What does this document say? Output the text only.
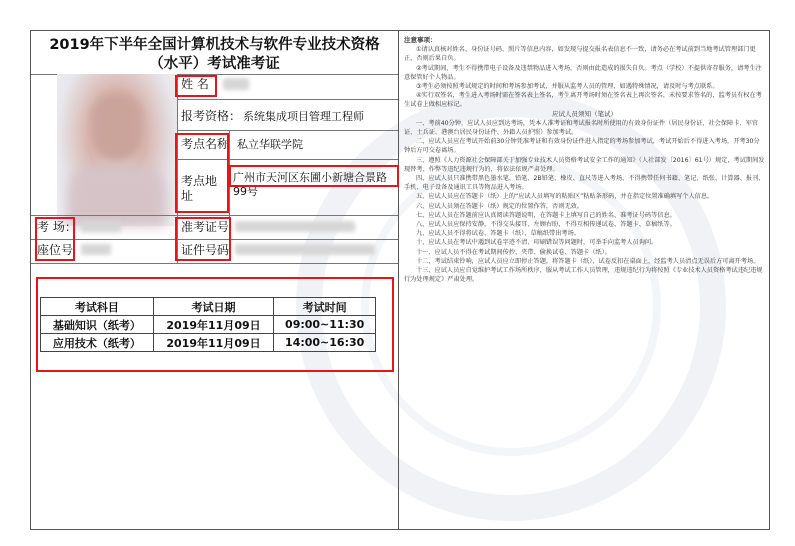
2019年下半年全国计算机技术与软件专业技术资格
（水平）考试准考证
姓 名
报考资格： 系统集成项目管理工程师
考点名称 私立华联学院
考点地址
广州市天河区东圃小新塘合景路99号
考 场：	准考证号
座位号	证件号码
考试科目	考试日期	考试时间
基础知识（纸考）	2019年11月09日	09:00~11:30
应用技术（纸考）	2019年11月09日	14:00~16:30
注意事项：

①请认真核对姓名、身份证号码、照片等信息内容，如发现与提交报名表信息不一致，请务必在考试前到当地考试管理部门更正，否则后果自负。

②考试期间，考生不得携带电子设备及违禁物品进入考场，否则由此造成的损失自负。考点（学校）不提供寄存服务，请考生注意保管好个人物品。

③考生必须按照考试规定的时间和考场参加考试，并服从监考人员的管理，如遇特殊情况，请及时与考点联系。

④实行双签名，考生进入考场时需在签名表上签名，考生离开考场时须在签名表上再次签名，未按要求签名的，监考员有权在考生试卷上做相应标记。

应试人员须知（笔试）

一、考前40分钟，应试人员应到达考场，凭本人准考证和考试报名时所使用的有效身份证件（居民身份证、社会保障卡、军官证、士兵证、港澳台居民身份证件、外籍人员护照）参加考试。

二、应试人员应在考试开始前30分钟凭准考证和有效身份证件进入指定的考场参加考试，考试开始后不得进入考场，开考30分钟后方可交卷离场。

三、遵照《人力资源社会保障部关于加强专业技术人员资格考试安全工作的通知》（人社部发〔2016〕61号）规定，考试期间发现替考、作弊等违纪违规行为的，将依法依规严肃处理。

四、应试人员只准携带黑色墨水笔、铅笔、2B铅笔、橡皮、直尺等进入考场，不得携带任何书籍、笔记、纸张、计算器、报刊、手机、电子设备及通讯工具等物品进入考场。

五、应试人员应在答题卡（纸）上的“应试人员填写的粘贴区”粘贴条形码，并在指定位置准确填写个人信息。

六、应试人员须在答题卡（纸）规定的位置作答，否则无效。

七、应试人员在答题前应认真阅读答题说明，在答题卡上填写自己的姓名、准考证号码等信息。

八、应试人员应保持安静，不得交头接耳、左顾右盼，不得互相传递试卷、答题卡、草稿纸等。

九、应试人员不得将试卷、答题卡（纸）、草稿纸带出考场。

十、应试人员在考试中遇到试卷字迹不清、印刷错误等问题时，可举手向监考人员询问。

十一、应试人员不得在考试期间传抄、夹带、偷换试卷、答题卡（纸）。

十二、考试结束铃响，应试人员应立即停止答题，将答题卡（纸）、试卷反扣在桌面上，经监考人员清点无误后方可离开考场。

十三、应试人员应自觉维护考试工作场所秩序，服从考试工作人员管理，违规违纪行为将按照《专业技术人员资格考试违纪违规行为处理规定》严肃处理。
